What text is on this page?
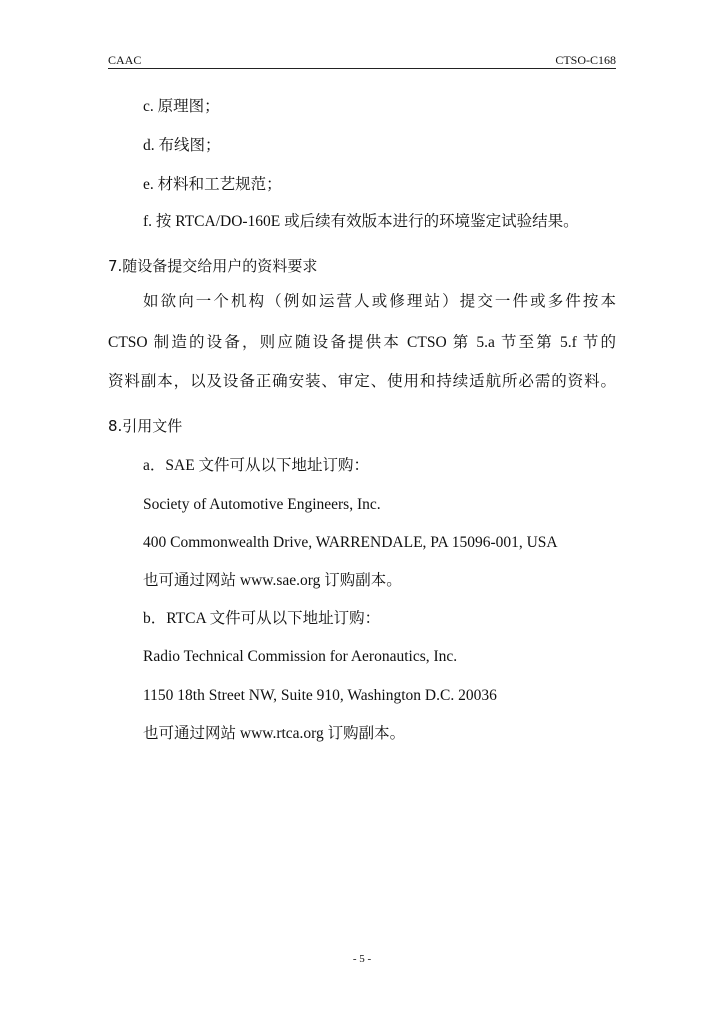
CAAC	CTSO-C168
c. 原理图；
d. 布线图；
e. 材料和工艺规范；
f. 按 RTCA/DO-160E 或后续有效版本进行的环境鉴定试验结果。
7.随设备提交给用户的资料要求
如欲向一个机构（例如运营人或修理站）提交一件或多件按本
CTSO 制造的设备，则应随设备提供本 CTSO 第 5.a 节至第 5.f 节的
资料副本，以及设备正确安装、审定、使用和持续适航所必需的资料。
8.引用文件
a．SAE 文件可从以下地址订购：
Society of Automotive Engineers, Inc.
400 Commonwealth Drive, WARRENDALE, PA 15096-001, USA
也可通过网站 www.sae.org 订购副本。
b．RTCA 文件可从以下地址订购：
Radio Technical Commission for Aeronautics, Inc.
1150 18th Street NW, Suite 910, Washington D.C. 20036
也可通过网站 www.rtca.org 订购副本。
- 5 -
